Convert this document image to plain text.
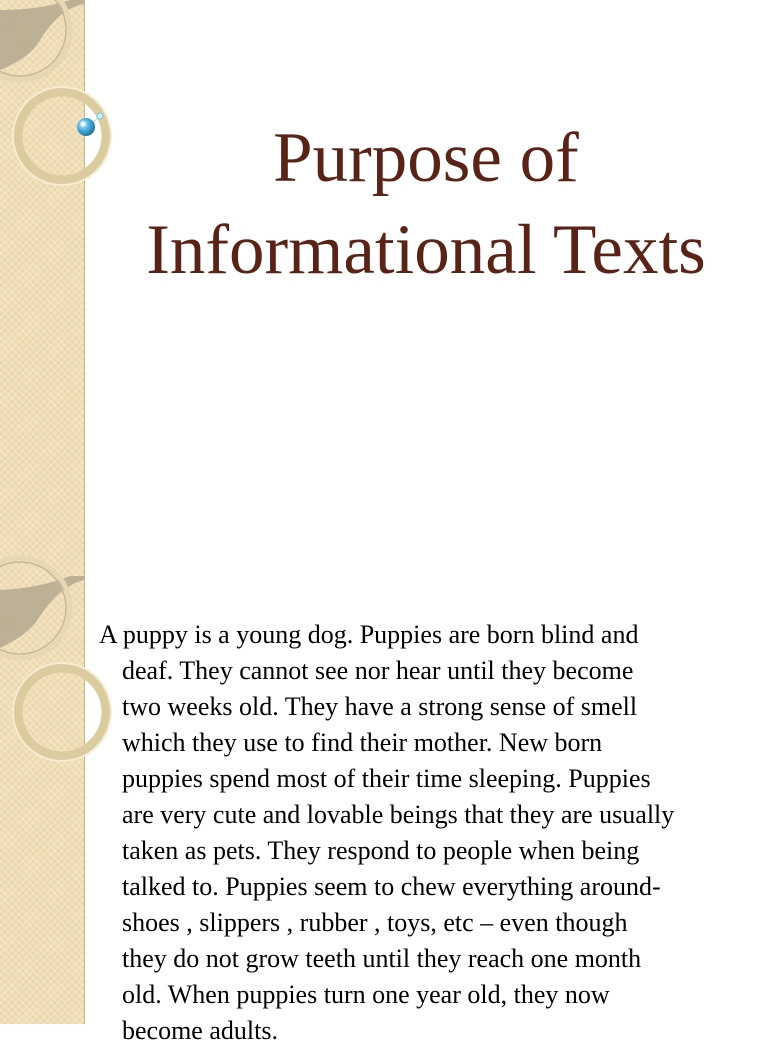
Purpose of
Informational Texts
A puppy is a young dog. Puppies are born blind and
deaf. They cannot see nor hear until they become
two weeks old. They have a strong sense of smell
which they use to find their mother. New born
puppies spend most of their time sleeping. Puppies
are very cute and lovable beings that they are usually
taken as pets. They respond to people when being
talked to. Puppies seem to chew everything around-
shoes , slippers , rubber , toys, etc – even though
they do not grow teeth until they reach one month
old. When puppies turn one year old, they now
become adults.
